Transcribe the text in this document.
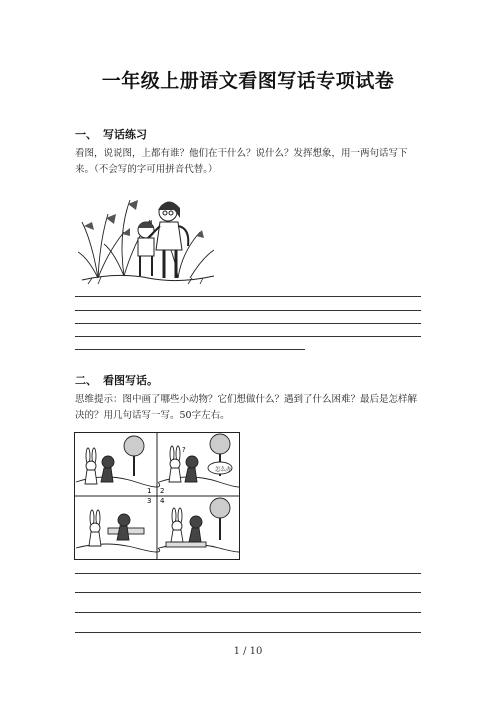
一年级上册语文看图写话专项试卷
一、 写话练习
看图，说说图，上都有谁？他们在干什么？说什么？发挥想象，用一两句话写下来。（不会写的字可用拼音代替。）
二、 看图写话。
思维提示：图中画了哪些小动物？它们想做什么？遇到了什么困难？最后是怎样解决的？用几句话写一写。50字左右。
?
怎么办
1 2
3 4
1 / 10
